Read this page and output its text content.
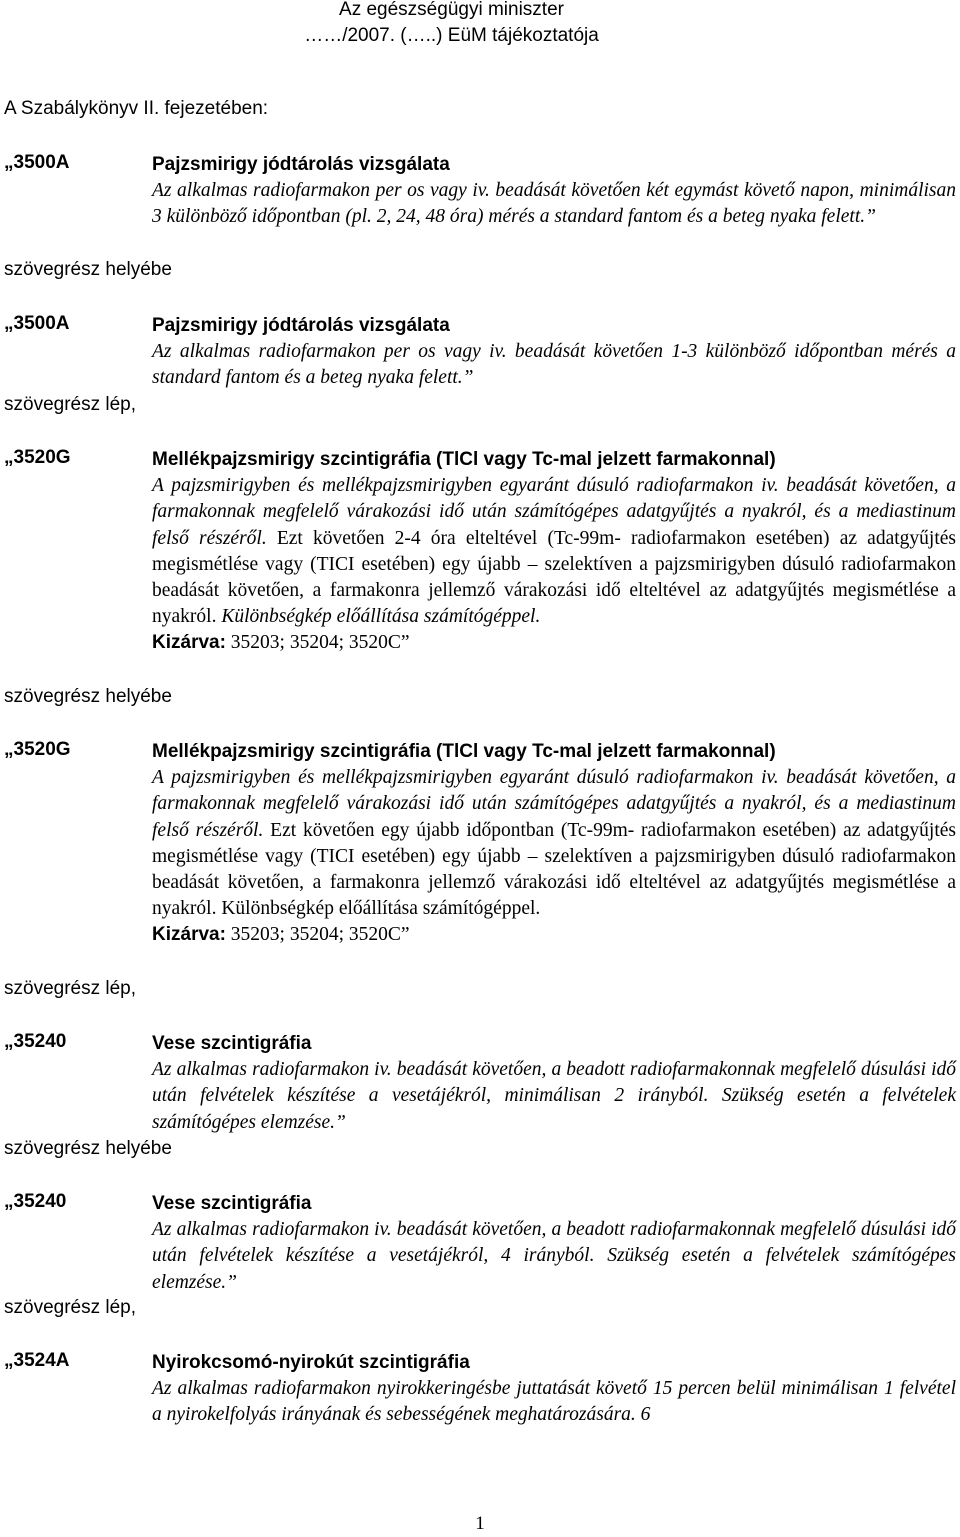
Az egészségügyi miniszter
……/2007. (…..) EüM tájékoztatója
A Szabálykönyv II. fejezetében:
„3500A	Pajzsmirigy jódtárolás vizsgálata
Az alkalmas radiofarmakon per os vagy iv. beadását követően két egymást követő napon, minimálisan 3 különböző időpontban (pl. 2, 24, 48 óra) mérés a standard fantom és a beteg nyaka felett.”
szövegrész helyébe
„3500A	Pajzsmirigy jódtárolás vizsgálata
Az alkalmas radiofarmakon per os vagy iv. beadását követően 1-3 különböző időpontban mérés a standard fantom és a beteg nyaka felett.”
szövegrész lép,
„3520G	Mellékpajzsmirigy szcintigráfia (TlCl vagy Tc-mal jelzett farmakonnal)
A pajzsmirigyben és mellékpajzsmirigyben egyaránt dúsuló radiofarmakon iv. beadását követően, a farmakonnak megfelelő várakozási idő után számítógépes adatgyűjtés a nyakról, és a mediastinum felső részéről. Ezt követően 2-4 óra elteltével (Tc-99m- radiofarmakon esetében) az adatgyűjtés megismétlése vagy (TICI esetében) egy újabb – szelektíven a pajzsmirigyben dúsuló radiofarmakon beadását követően, a farmakonra jellemző várakozási idő elteltével az adatgyűjtés megismétlése a nyakról. Különbségkép előállítása számítógéppel.
Kizárva: 35203; 35204; 3520C”
szövegrész helyébe
„3520G	Mellékpajzsmirigy szcintigráfia (TlCl vagy Tc-mal jelzett farmakonnal)
A pajzsmirigyben és mellékpajzsmirigyben egyaránt dúsuló radiofarmakon iv. beadását követően, a farmakonnak megfelelő várakozási idő után számítógépes adatgyűjtés a nyakról, és a mediastinum felső részéről. Ezt követően egy újabb időpontban (Tc-99m- radiofarmakon esetében) az adatgyűjtés megismétlése vagy (TICI esetében) egy újabb – szelektíven a pajzsmirigyben dúsuló radiofarmakon beadását követően, a farmakonra jellemző várakozási idő elteltével az adatgyűjtés megismétlése a nyakról. Különbségkép előállítása számítógéppel.
Kizárva: 35203; 35204; 3520C”
szövegrész lép,
„35240	Vese szcintigráfia
Az alkalmas radiofarmakon iv. beadását követően, a beadott radiofarmakonnak megfelelő dúsulási idő után felvételek készítése a vesetájékról, minimálisan 2 irányból. Szükség esetén a felvételek számítógépes elemzése.”
szövegrész helyébe
„35240	Vese szcintigráfia
Az alkalmas radiofarmakon iv. beadását követően, a beadott radiofarmakonnak megfelelő dúsulási idő után felvételek készítése a vesetájékról, 4 irányból. Szükség esetén a felvételek számítógépes elemzése.”
szövegrész lép,
„3524A	Nyirokcsomó-nyirokút szcintigráfia
Az alkalmas radiofarmakon nyirokkeringésbe juttatását követő 15 percen belül minimálisan 1 felvétel a nyirokelfolyás irányának és sebességének meghatározására. 6
1
